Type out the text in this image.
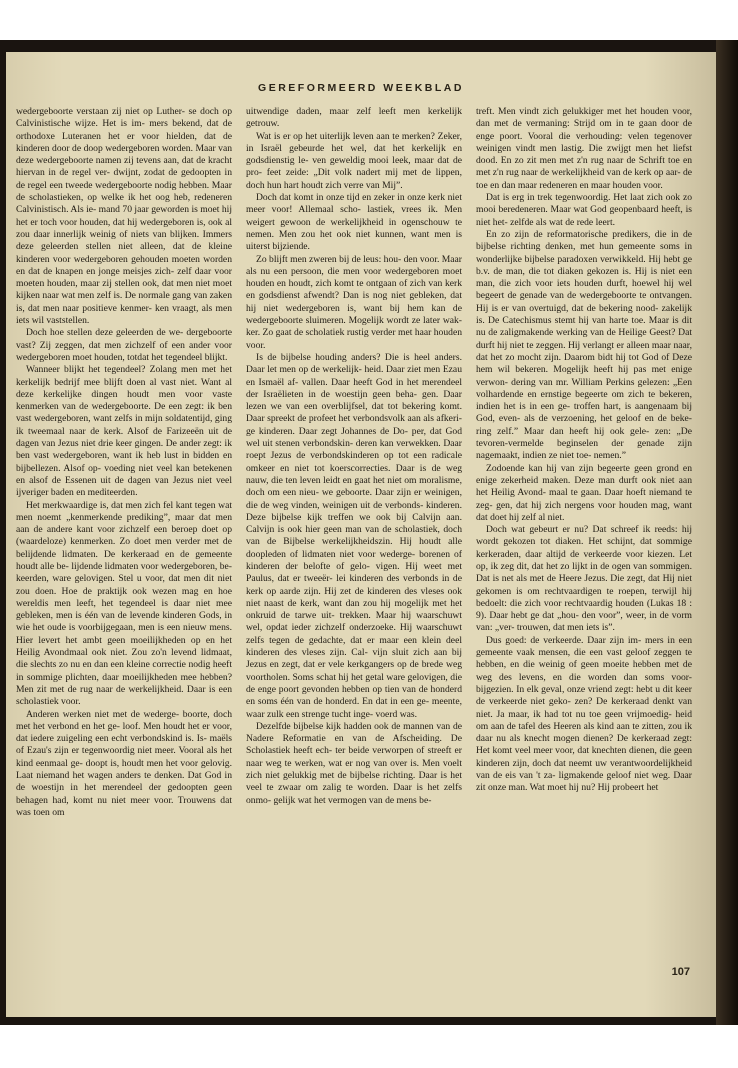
GEREFORMEERD WEEKBLAD

wedergeboorte verstaan zij niet op Luther- se doch op Calvinistische wijze. Het is im- mers bekend, dat de orthodoxe Luteranen het er voor hielden, dat de kinderen door de doop wedergeboren worden. Maar van deze wedergeboorte namen zij tevens aan, dat de kracht hiervan in de regel ver- dwijnt, zodat de gedoopten in de regel een tweede wedergeboorte nodig hebben. Maar de scholastieken, op welke ik het oog heb, redeneren Calvinistisch. Als ie- mand 70 jaar geworden is moet hij het er toch voor houden, dat hij wedergeboren is, ook al zou daar innerlijk weinig of niets van blijken. Immers deze geleerden stellen niet alleen, dat de kleine kinderen voor wedergeboren gehouden moeten worden en dat de knapen en jonge meisjes zich- zelf daar voor moeten houden, maar zij stellen ook, dat men niet moet kijken naar wat men zelf is. De normale gang van zaken is, dat men naar positieve kenmer- ken vraagt, als men iets wil vaststellen.

Doch hoe stellen deze geleerden de we- dergeboorte vast? Zij zeggen, dat men zichzelf of een ander voor wedergeboren moet houden, totdat het tegendeel blijkt.

Wanneer blijkt het tegendeel? Zolang men met het kerkelijk bedrijf mee blijft doen al vast niet. Want al deze kerkelijke dingen houdt men voor vaste kenmerken van de wedergeboorte. De een zegt: ik ben vast wedergeboren, want zelfs in mijn soldatentijd, ging ik tweemaal naar de kerk. Alsof de Farizeeën uit de dagen van Jezus niet drie keer gingen. De ander zegt: ik ben vast wedergeboren, want ik heb lust in bidden en bijbellezen. Alsof op- voeding niet veel kan betekenen en alsof de Essenen uit de dagen van Jezus niet veel ijveriger baden en mediteerden.

Het merkwaardige is, dat men zich fel kant tegen wat men noemt „kenmerkende prediking”, maar dat men aan de andere kant voor zichzelf een beroep doet op (waardeloze) kenmerken. Zo doet men verder met de belijdende lidmaten. De kerkeraad en de gemeente houdt alle be- lijdende lidmaten voor wedergeboren, be- keerden, ware gelovigen. Stel u voor, dat men dit niet zou doen. Hoe de praktijk ook wezen mag en hoe wereldis men leeft, het tegendeel is daar niet mee gebleken, men is één van de levende kinderen Gods, in wie het oude is voorbijgegaan, men is een nieuw mens. Hier levert het ambt geen moeilijkheden op en het Heilig Avondmaal ook niet. Zou zo'n levend lidmaat, die slechts zo nu en dan een kleine correctie nodig heeft in sommige plichten, daar moeilijkheden mee hebben? Men zit met de rug naar de werkelijkheid. Daar is een scholastiek voor.

Anderen werken niet met de wederge- boorte, doch met het verbond en het ge- loof. Men houdt het er voor, dat iedere zuigeling een echt verbondskind is. Is- maëls of Ezau's zijn er tegenwoordig niet meer. Vooral als het kind eenmaal ge- doopt is, houdt men het voor gelovig. Laat niemand het wagen anders te denken. Dat God in de woestijn in het merendeel der gedoopten geen behagen had, komt nu niet meer voor. Trouwens dat was toen om

uitwendige daden, maar zelf leeft men kerkelijk getrouw.

Wat is er op het uiterlijk leven aan te merken? Zeker, in Israël gebeurde het wel, dat het kerkelijk en godsdienstig le- ven geweldig mooi leek, maar dat de pro- feet zeide: „Dit volk nadert mij met de lippen, doch hun hart houdt zich verre van Mij”.

Doch dat komt in onze tijd en zeker in onze kerk niet meer voor! Allemaal scho- lastiek, vrees ik. Men weigert gewoon de werkelijkheid in ogenschouw te nemen. Men zou het ook niet kunnen, want men is uiterst bijziende.

Zo blijft men zweren bij de leus: hou- den voor. Maar als nu een persoon, die men voor wedergeboren moet houden en houdt, zich komt te ontgaan of zich van kerk en godsdienst afwendt? Dan is nog niet gebleken, dat hij niet wedergeboren is, want bij hem kan de wedergeboorte sluimeren. Mogelijk wordt ze later wak- ker. Zo gaat de scholatiek rustig verder met haar houden voor.

Is de bijbelse houding anders? Die is heel anders. Daar let men op de werkelijk- heid. Daar ziet men Ezau en Ismaël af- vallen. Daar heeft God in het merendeel der Israëlieten in de woestijn geen beha- gen. Daar lezen we van een overblijfsel, dat tot bekering komt. Daar spreekt de profeet het verbondsvolk aan als afkeri- ge kinderen. Daar zegt Johannes de Do- per, dat God wel uit stenen verbondskin- deren kan verwekken. Daar roept Jezus de verbondskinderen op tot een radicale omkeer en niet tot koerscorrecties. Daar is de weg nauw, die ten leven leidt en gaat het niet om moralisme, doch om een nieu- we geboorte. Daar zijn er weinigen, die de weg vinden, weinigen uit de verbonds- kinderen. Deze bijbelse kijk treffen we ook bij Calvijn aan. Calvijn is ook hier geen man van de scholastiek, doch van de Bijbelse werkelijkheidszin. Hij houdt alle doopleden of lidmaten niet voor wederge- borenen of kinderen der belofte of gelo- vigen. Hij weet met Paulus, dat er tweeër- lei kinderen des verbonds in de kerk op aarde zijn. Hij zet de kinderen des vleses ook niet naast de kerk, want dan zou hij mogelijk met het onkruid de tarwe uit- trekken. Maar hij waarschuwt wel, opdat ieder zichzelf onderzoeke. Hij waarschuwt zelfs tegen de gedachte, dat er maar een klein deel kinderen des vleses zijn. Cal- vijn sluit zich aan bij Jezus en zegt, dat er vele kerkgangers op de brede weg voortholen. Soms schat hij het getal ware gelovigen, die de enge poort gevonden hebben op tien van de honderd en soms één van de honderd. En dat in een ge- meente, waar zulk een strenge tucht inge- voerd was.

Dezelfde bijbelse kijk hadden ook de mannen van de Nadere Reformatie en van de Afscheiding. De Scholastiek heeft ech- ter beide verworpen of streeft er naar weg te werken, wat er nog van over is. Men voelt zich niet gelukkig met de bijbelse richting. Daar is het veel te zwaar om zalig te worden. Daar is het zelfs onmo- gelijk wat het vermogen van de mens be-

treft. Men vindt zich gelukkiger met het houden voor, dan met de vermaning: Strijd om in te gaan door de enge poort. Vooral die verhouding: velen tegenover weinigen vindt men lastig. Die zwijgt men het liefst dood. En zo zit men met z'n rug naar de Schrift toe en met z'n rug naar de werkelijkheid van de kerk op aar- de toe en dan maar redeneren en maar houden voor.

Dat is erg in trek tegenwoordig. Het laat zich ook zo mooi beredeneren. Maar wat God geopenbaard heeft, is niet het- zelfde als wat de rede leert.

En zo zijn de reformatorische predikers, die in de bijbelse richting denken, met hun gemeente soms in wonderlijke bijbelse paradoxen verwikkeld. Hij hebt ge b.v. de man, die tot diaken gekozen is. Hij is niet een man, die zich voor iets houden durft, hoewel hij wel begeert de genade van de wedergeboorte te ontvangen. Hij is er van overtuigd, dat de bekering nood- zakelijk is. De Catechismus stemt hij van harte toe. Maar is dit nu de zaligmakende werking van de Heilige Geest? Dat durft hij niet te zeggen. Hij verlangt er alleen maar naar, dat het zo mocht zijn. Daarom bidt hij tot God of Deze hem wil bekeren. Mogelijk heeft hij pas met enige verwon- dering van mr. William Perkins gelezen: „Een volhardende en ernstige begeerte om zich te bekeren, indien het is in een ge- troffen hart, is aangenaam bij God, even- als de verzoening, het geloof en de beke- ring zelf.” Maar dan heeft hij ook gele- zen: „De tevoren-vermelde beginselen der genade zijn nagemaakt, indien ze niet toe- nemen.”

Zodoende kan hij van zijn begeerte geen grond en enige zekerheid maken. Deze man durft ook niet aan het Heilig Avond- maal te gaan. Daar hoeft niemand te zeg- gen, dat hij zich nergens voor houden mag, want dat doet hij zelf al niet.

Doch wat gebeurt er nu? Dat schreef ik reeds: hij wordt gekozen tot diaken. Het schijnt, dat sommige kerkeraden, daar altijd de verkeerde voor kiezen. Let op, ik zeg dit, dat het zo lijkt in de ogen van sommigen. Dat is net als met de Heere Jezus. Die zegt, dat Hij niet gekomen is om rechtvaardigen te roepen, terwijl hij bedoelt: die zich voor rechtvaardig houden (Lukas 18 : 9). Daar hebt ge dat „hou- den voor”, weer, in de vorm van: „ver- trouwen, dat men iets is”.

Dus goed: de verkeerde. Daar zijn im- mers in een gemeente vaak mensen, die een vast geloof zeggen te hebben, en die weinig of geen moeite hebben met de weg des levens, en die worden dan soms voor- bijgezien. In elk geval, onze vriend zegt: hebt u dit keer de verkeerde niet geko- zen? De kerkeraad denkt van niet. Ja maar, ik had tot nu toe geen vrijmoedig- heid om aan de tafel des Heeren als kind aan te zitten, zou ik daar nu als knecht mogen dienen? De kerkeraad zegt: Het komt veel meer voor, dat knechten dienen, die geen kinderen zijn, doch dat neemt uw verantwoordelijkheid van de eis van 't za- ligmakende geloof niet weg. Daar zit onze man. Wat moet hij nu? Hij probeert het

107
